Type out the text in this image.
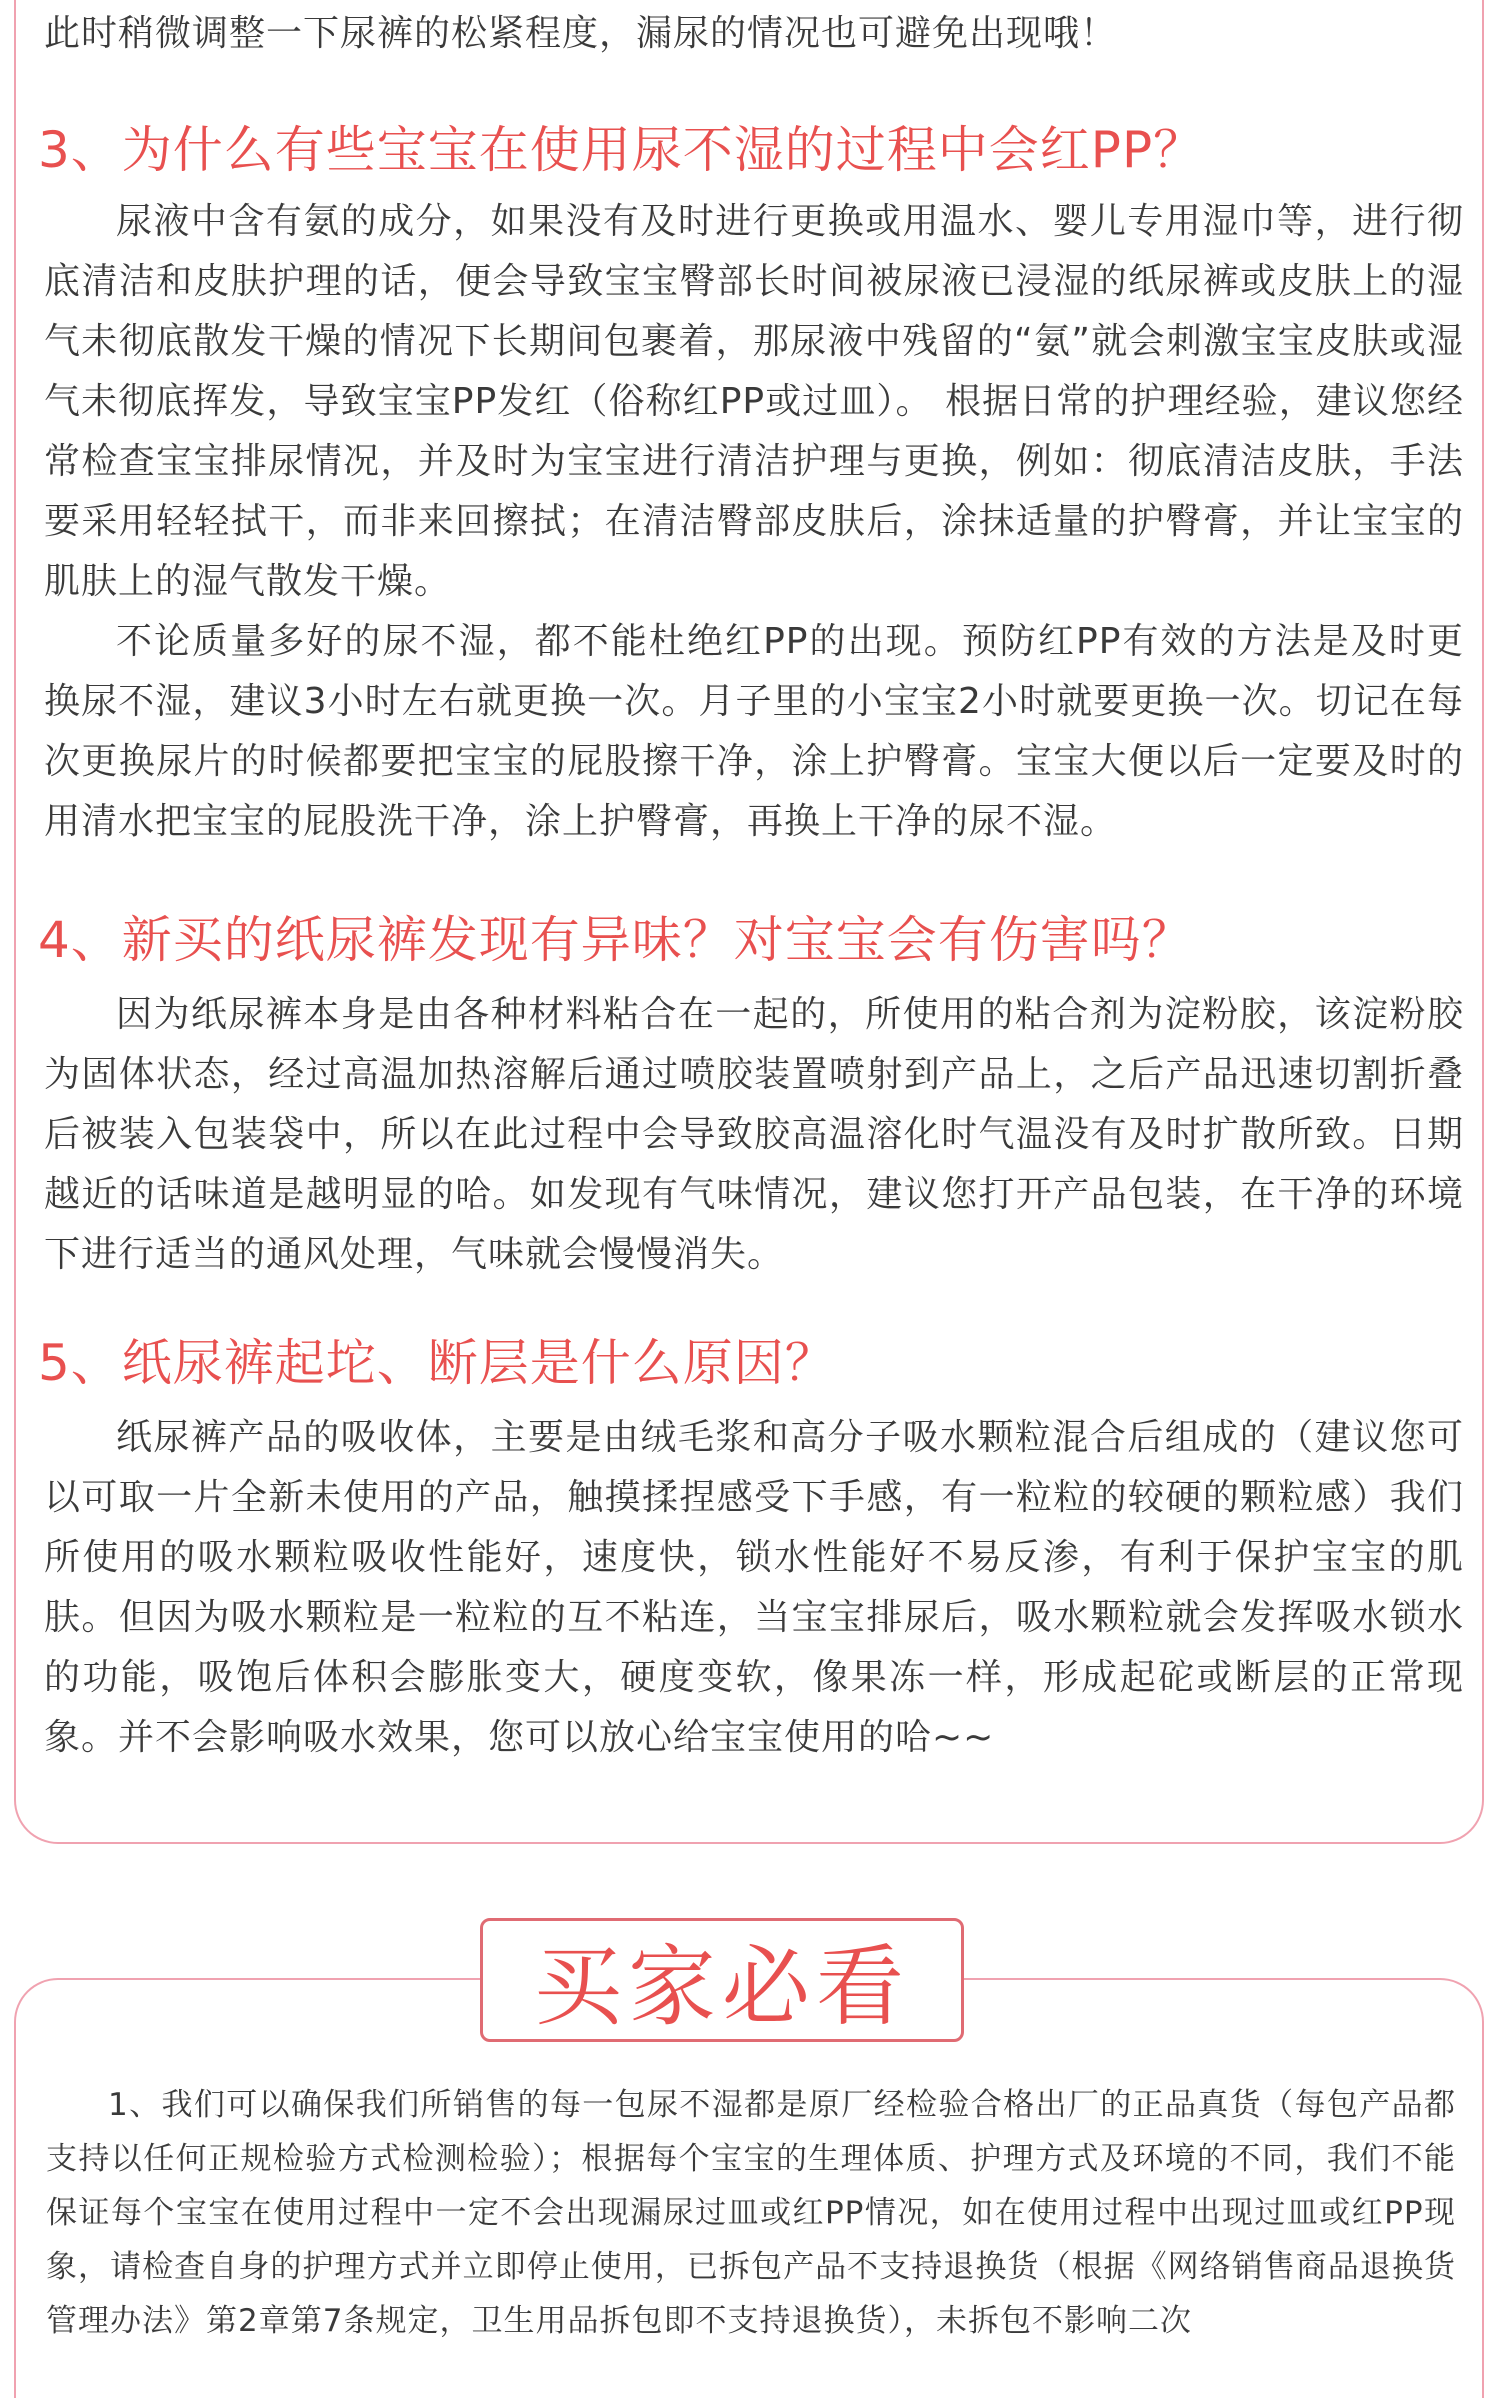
此时稍微调整一下尿裤的松紧程度，漏尿的情况也可避免出现哦！

3、为什么有些宝宝在使用尿不湿的过程中会红PP？

尿液中含有氨的成分，如果没有及时进行更换或用温水、婴儿专用湿巾等，进行彻底清洁和皮肤护理的话，便会导致宝宝臀部长时间被尿液已浸湿的纸尿裤或皮肤上的湿气未彻底散发干燥的情况下长期间包裹着，那尿液中残留的“氨”就会刺激宝宝皮肤或湿气未彻底挥发，导致宝宝PP发红（俗称红PP或过皿）。 根据日常的护理经验，建议您经常检查宝宝排尿情况，并及时为宝宝进行清洁护理与更换，例如：彻底清洁皮肤，手法要采用轻轻拭干，而非来回擦拭；在清洁臀部皮肤后，涂抹适量的护臀膏，并让宝宝的肌肤上的湿气散发干燥。

不论质量多好的尿不湿，都不能杜绝红PP的出现。预防红PP有效的方法是及时更换尿不湿，建议3小时左右就更换一次。月子里的小宝宝2小时就要更换一次。切记在每次更换尿片的时候都要把宝宝的屁股擦干净，涂上护臀膏。宝宝大便以后一定要及时的用清水把宝宝的屁股洗干净，涂上护臀膏，再换上干净的尿不湿。

4、新买的纸尿裤发现有异味？对宝宝会有伤害吗？

因为纸尿裤本身是由各种材料粘合在一起的，所使用的粘合剂为淀粉胶，该淀粉胶为固体状态，经过高温加热溶解后通过喷胶装置喷射到产品上，之后产品迅速切割折叠后被装入包装袋中，所以在此过程中会导致胶高温溶化时气温没有及时扩散所致。日期越近的话味道是越明显的哈。如发现有气味情况，建议您打开产品包装，在干净的环境下进行适当的通风处理，气味就会慢慢消失。

5、纸尿裤起坨、断层是什么原因？

纸尿裤产品的吸收体，主要是由绒毛浆和高分子吸水颗粒混合后组成的（建议您可以可取一片全新未使用的产品，触摸揉捏感受下手感，有一粒粒的较硬的颗粒感）我们所使用的吸水颗粒吸收性能好，速度快，锁水性能好不易反渗，有利于保护宝宝的肌肤。但因为吸水颗粒是一粒粒的互不粘连，当宝宝排尿后，吸水颗粒就会发挥吸水锁水的功能，吸饱后体积会膨胀变大，硬度变软，像果冻一样，形成起砣或断层的正常现象。并不会影响吸水效果，您可以放心给宝宝使用的哈~~

买家必看

1、我们可以确保我们所销售的每一包尿不湿都是原厂经检验合格出厂的正品真货（每包产品都支持以任何正规检验方式检测检验）；根据每个宝宝的生理体质、护理方式及环境的不同，我们不能保证每个宝宝在使用过程中一定不会出现漏尿过皿或红PP情况，如在使用过程中出现过皿或红PP现象，请检查自身的护理方式并立即停止使用，已拆包产品不支持退换货（根据《网络销售商品退换货管理办法》第2章第7条规定，卫生用品拆包即不支持退换货），未拆包不影响二次
